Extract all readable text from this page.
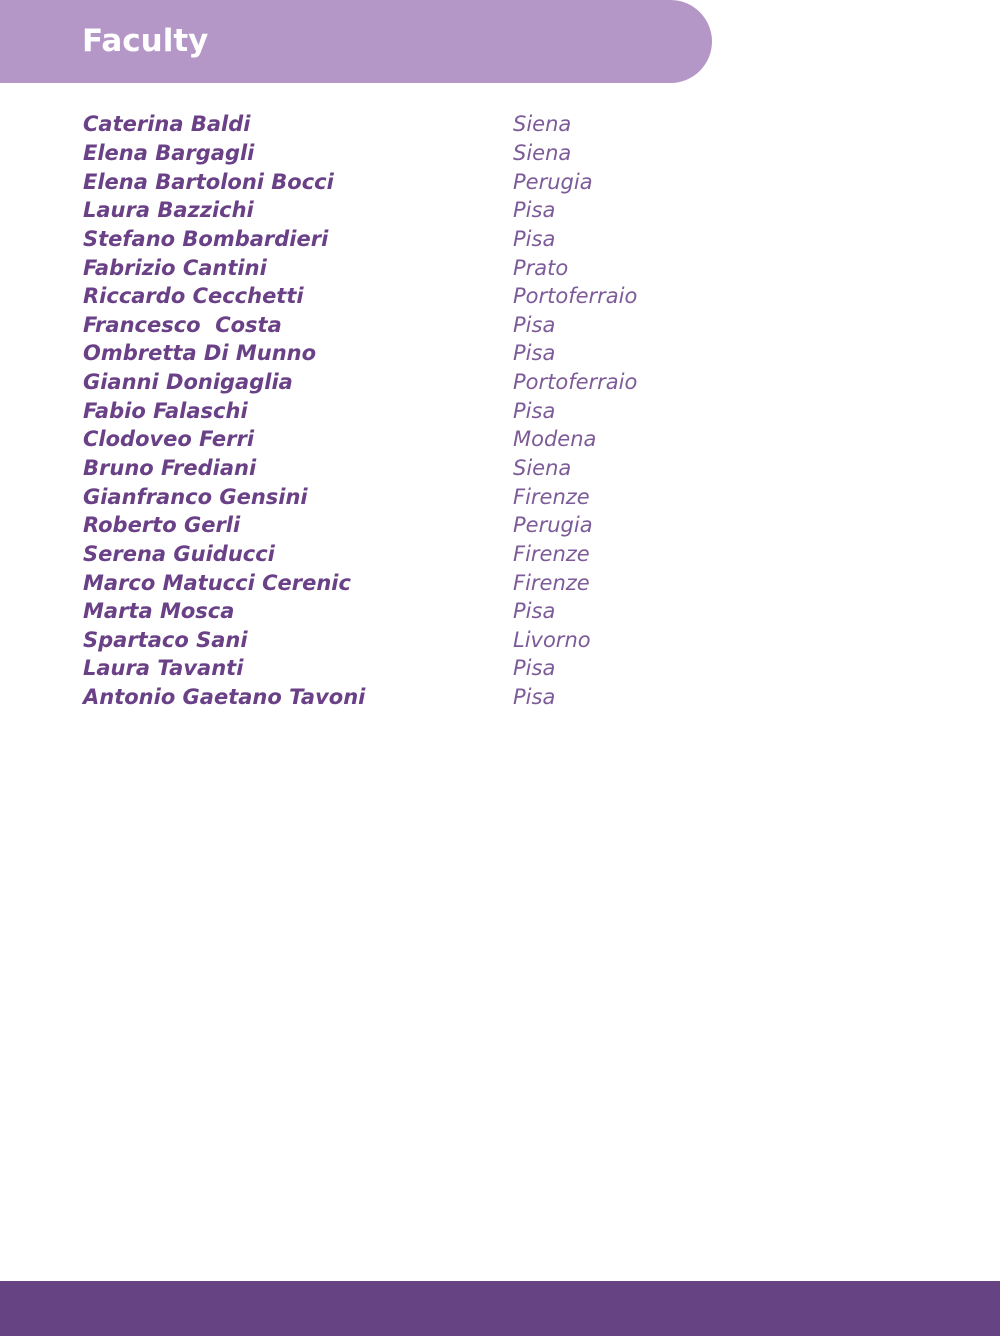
Faculty
Caterina Baldi	Siena
Elena Bargagli	Siena
Elena Bartoloni Bocci	Perugia
Laura Bazzichi	Pisa
Stefano Bombardieri	Pisa
Fabrizio Cantini	Prato
Riccardo Cecchetti	Portoferraio
Francesco  Costa	Pisa
Ombretta Di Munno	Pisa
Gianni Donigaglia	Portoferraio
Fabio Falaschi	Pisa
Clodoveo Ferri	Modena
Bruno Frediani	Siena
Gianfranco Gensini	Firenze
Roberto Gerli	Perugia
Serena Guiducci	Firenze
Marco Matucci Cerenic	Firenze
Marta Mosca	Pisa
Spartaco Sani	Livorno
Laura Tavanti	Pisa
Antonio Gaetano Tavoni	Pisa
